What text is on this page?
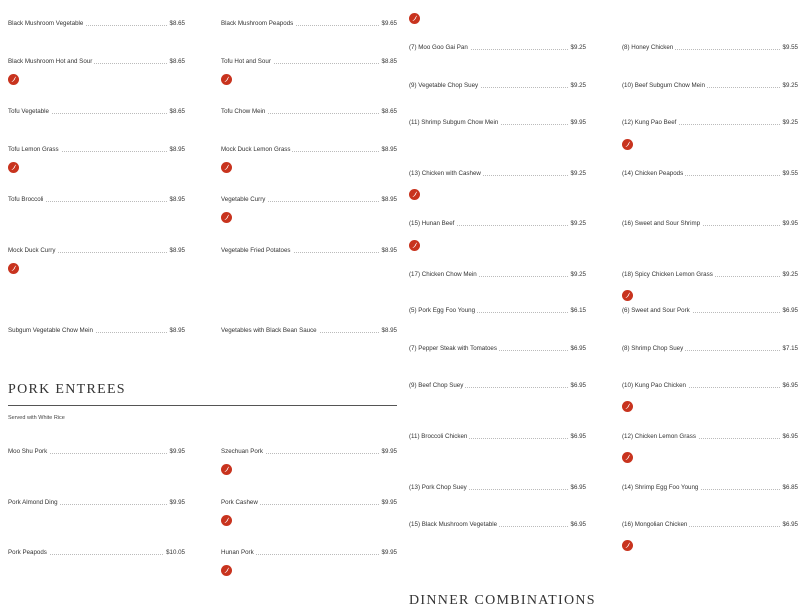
Black Mushroom Vegetable	$8.65	Black Mushroom Peapods	$9.65
Black Mushroom Hot and Sour	$8.65	Tofu Hot and Sour	$8.85
Tofu Vegetable	$8.65	Tofu Chow Mein	$8.65
Tofu Lemon Grass	$8.95	Mock Duck Lemon Grass	$8.95
Tofu Broccoli	$8.95	Vegetable Curry	$8.95
Mock Duck Curry	$8.95	Vegetable Fried Potatoes	$8.95
Subgum Vegetable Chow Mein	$8.95	Vegetables with Black Bean Sauce	$8.95
PORK ENTREES
Served with White Rice
Moo Shu Pork	$9.95	Szechuan Pork	$9.95
Pork Almond Ding	$9.95	Pork Cashew	$9.95
Pork Peapods	$10.05	Hunan Pork	$9.95
(7) Moo Goo Gai Pan	$9.25	(8) Honey Chicken	$9.55
(9) Vegetable Chop Suey	$9.25	(10) Beef Subgum Chow Mein	$9.25
(11) Shrimp Subgum Chow Mein	$9.95	(12) Kung Pao Beef	$9.25
(13) Chicken with Cashew	$9.25	(14) Chicken Peapods	$9.55
(15) Hunan Beef	$9.25	(16) Sweet and Sour Shrimp	$9.95
(17) Chicken Chow Mein	$9.25	(18) Spicy Chicken Lemon Grass	$9.25
(5) Pork Egg Foo Young	$6.15	(6) Sweet and Sour Pork	$6.95
(7) Pepper Steak with Tomatoes	$6.95	(8) Shrimp Chop Suey	$7.15
(9) Beef Chop Suey	$6.95	(10) Kung Pao Chicken	$6.95
(11) Broccoli Chicken	$6.95	(12) Chicken Lemon Grass	$6.95
(13) Pork Chop Suey	$6.95	(14) Shrimp Egg Foo Young	$6.85
(15) Black Mushroom Vegetable	$6.95	(16) Mongolian Chicken	$6.95
DINNER COMBINATIONS
